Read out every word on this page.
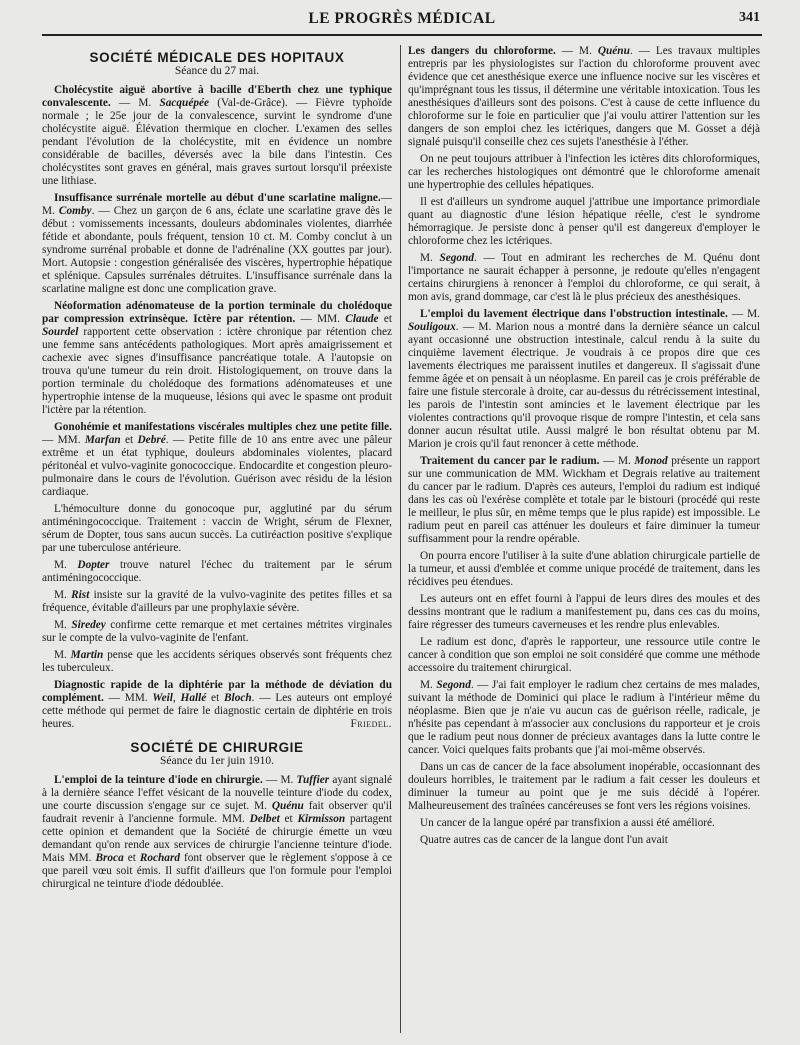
LE PROGRÈS MÉDICAL	341
SOCIÉTÉ MÉDICALE DES HOPITAUX
Séance du 27 mai.

Cholécystite aiguë abortive à bacille d'Eberth chez une typhique convalescente. — M. Sacquépée (Val-de-Grâce). — Fièvre typhoïde normale ; le 25e jour de la convalescence, survint le syndrome d'une cholécystite aiguë. Élévation thermique en clocher. L'examen des selles pendant l'évolution de la cholécystite, mit en évidence un nombre considérable de bacilles, déversés avec la bile dans l'intestin. Ces cholécystites sont graves en général, mais graves surtout lorsqu'il préexiste une lithiase.

Insuffisance surrénale mortelle au début d'une scarlatine maligne.— M. Comby. — Chez un garçon de 6 ans, éclate une scarlatine grave dès le début : vomissements incessants, douleurs abdominales violentes, diarrhée fétide et abondante, pouls fréquent, tension 10 ct. M. Comby conclut à un syndrome surrénal probable et donne de l'adrénaline (XX gouttes par jour). Mort. Autopsie : congestion généralisée des viscères, hypertrophie hépatique et splénique. Capsules surrénales détruites. L'insuffisance surrénale dans la scarlatine maligne est donc une complication grave.

Néoformation adénomateuse de la portion terminale du cholédoque par compression extrinsèque. Ictère par rétention. — MM. Claude et Sourdel rapportent cette observation : ictère chronique par rétention chez une femme sans antécédents pathologiques. Mort après amaigrissement et cachexie avec signes d'insuffisance pancréatique totale. A l'autopsie on trouva qu'une tumeur du rein droit. Histologiquement, on trouve dans la portion terminale du cholédoque des formations adénomateuses et une hypertrophie intense de la muqueuse, lésions qui avec le spasme ont produit l'ictère par la rétention.

Gonohémie et manifestations viscérales multiples chez une petite fille. — MM. Marfan et Debré. — Petite fille de 10 ans entre avec une pâleur extrême et un état typhique, douleurs abdominales violentes, placard péritonéal et vulvo-vaginite gonococcique. Endocardite et congestion pleuro-pulmonaire dans le cours de l'évolution. Guérison avec résidu de la lésion cardiaque.

L'hémoculture donne du gonocoque pur, agglutiné par du sérum antiméningococcique. Traitement : vaccin de Wright, sérum de Flexner, sérum de Dopter, tous sans aucun succès. La cutiréaction positive s'explique par une tuberculose antérieure.

M. Dopter trouve naturel l'échec du traitement par le sérum antiméningococcique.

M. Rist insiste sur la gravité de la vulvo-vaginite des petites filles et sa fréquence, évitable d'ailleurs par une prophylaxie sévère.

M. Siredey confirme cette remarque et met certaines métrites virginales sur le compte de la vulvo-vaginite de l'enfant.

M. Martin pense que les accidents sériques observés sont fréquents chez les tuberculeux.

Diagnostic rapide de la diphtérie par la méthode de déviation du complément. — MM. Weil, Hallé et Bloch. — Les auteurs ont employé cette méthode qui permet de faire le diagnostic certain de diphtérie en trois heures.	Friedel.

SOCIÉTÉ DE CHIRURGIE
Séance du 1er juin 1910.

L'emploi de la teinture d'iode en chirurgie. — M. Tuffier ayant signalé à la dernière séance l'effet vésicant de la nouvelle teinture d'iode du codex, une courte discussion s'engage sur ce sujet. M. Quénu fait observer qu'il faudrait revenir à l'ancienne formule. MM. Delbet et Kirmisson partagent cette opinion et demandent que la Société de chirurgie émette un vœu demandant qu'on rende aux services de chirurgie l'ancienne teinture d'iode. Mais MM. Broca et Rochard font observer que le règlement s'oppose à ce que pareil vœu soit émis. Il suffit d'ailleurs que l'on formule pour l'emploi chirurgical ne teinture d'iode dédoublée.

Les dangers du chloroforme. — M. Quénu. — Les travaux multiples entrepris par les physiologistes sur l'action du chloroforme prouvent avec évidence que cet anesthésique exerce une influence nocive sur les viscères et qu'imprégnant tous les tissus, il détermine une véritable intoxication. Tous les anesthésiques d'ailleurs sont des poisons. C'est à cause de cette influence du chloroforme sur le foie en particulier que j'ai voulu attirer l'attention sur les dangers de son emploi chez les ictériques, dangers que M. Gosset a déjà signalé puisqu'il conseille chez ces sujets l'anesthésie à l'éther.

On ne peut toujours attribuer à l'infection les ictères dits chloroformiques, car les recherches histologiques ont démontré que le chloroforme amenait une hypertrophie des cellules hépatiques.

Il est d'ailleurs un syndrome auquel j'attribue une importance primordiale quant au diagnostic d'une lésion hépatique réelle, c'est le syndrome hémorragique. Je persiste donc à penser qu'il est dangereux d'employer le chloroforme chez les ictériques.

M. Segond. — Tout en admirant les recherches de M. Quénu dont l'importance ne saurait échapper à personne, je redoute qu'elles n'engagent certains chirurgiens à renoncer à l'emploi du chloroforme, ce qui serait, à mon avis, grand dommage, car c'est là le plus précieux des anesthésiques.

L'emploi du lavement électrique dans l'obstruction intestinale. — M. Souligoux. — M. Marion nous a montré dans la dernière séance un calcul ayant occasionné une obstruction intestinale, calcul rendu à la suite du cinquième lavement électrique. Je voudrais à ce propos dire que ces lavements électriques me paraissent inutiles et dangereux. Il s'agissait d'une femme âgée et on pensait à un néoplasme. En pareil cas je crois préférable de faire une fistule stercorale à droite, car au-dessus du rétrécissement intestinal, les parois de l'intestin sont amincies et le lavement électrique par les violentes contractions qu'il provoque risque de rompre l'intestin, et cela sans donner aucun résultat utile. Aussi malgré le bon résultat obtenu par M. Marion je crois qu'il faut renoncer à cette méthode.

Traitement du cancer par le radium. — M. Monod présente un rapport sur une communication de MM. Wickham et Degrais relative au traitement du cancer par le radium. D'après ces auteurs, l'emploi du radium est indiqué dans les cas où l'exérèse complète et totale par le bistouri (procédé qui reste le meilleur, le plus sûr, en même temps que le plus rapide) est impossible. Le radium peut en pareil cas atténuer les douleurs et faire diminuer la tumeur suffisamment pour la rendre opérable.

On pourra encore l'utiliser à la suite d'une ablation chirurgicale partielle de la tumeur, et aussi d'emblée et comme unique procédé de traitement, dans les récidives peu étendues.

Les auteurs ont en effet fourni à l'appui de leurs dires des moules et des dessins montrant que le radium a manifestement pu, dans ces cas du moins, faire régresser des tumeurs caverneuses et les rendre plus enlevables.

Le radium est donc, d'après le rapporteur, une ressource utile contre le cancer à condition que son emploi ne soit considéré que comme une méthode accessoire du traitement chirurgical.

M. Segond. — J'ai fait employer le radium chez certains de mes malades, suivant la méthode de Dominici qui place le radium à l'intérieur même du néoplasme. Bien que je n'aie vu aucun cas de guérison réelle, radicale, je n'hésite pas cependant à m'associer aux conclusions du rapporteur et je crois que le radium peut nous donner de précieux avantages dans la lutte contre le cancer. Voici quelques faits probants que j'ai moi-même observés.

Dans un cas de cancer de la face absolument inopérable, occasionnant des douleurs horribles, le traitement par le radium a fait cesser les douleurs et diminuer la tumeur au point que je me suis décidé à l'opérer. Malheureusement des traînées cancéreuses se font vers les régions voisines.

Un cancer de la langue opéré par transfixion a aussi été amélioré.

Quatre autres cas de cancer de la langue dont l'un avait
